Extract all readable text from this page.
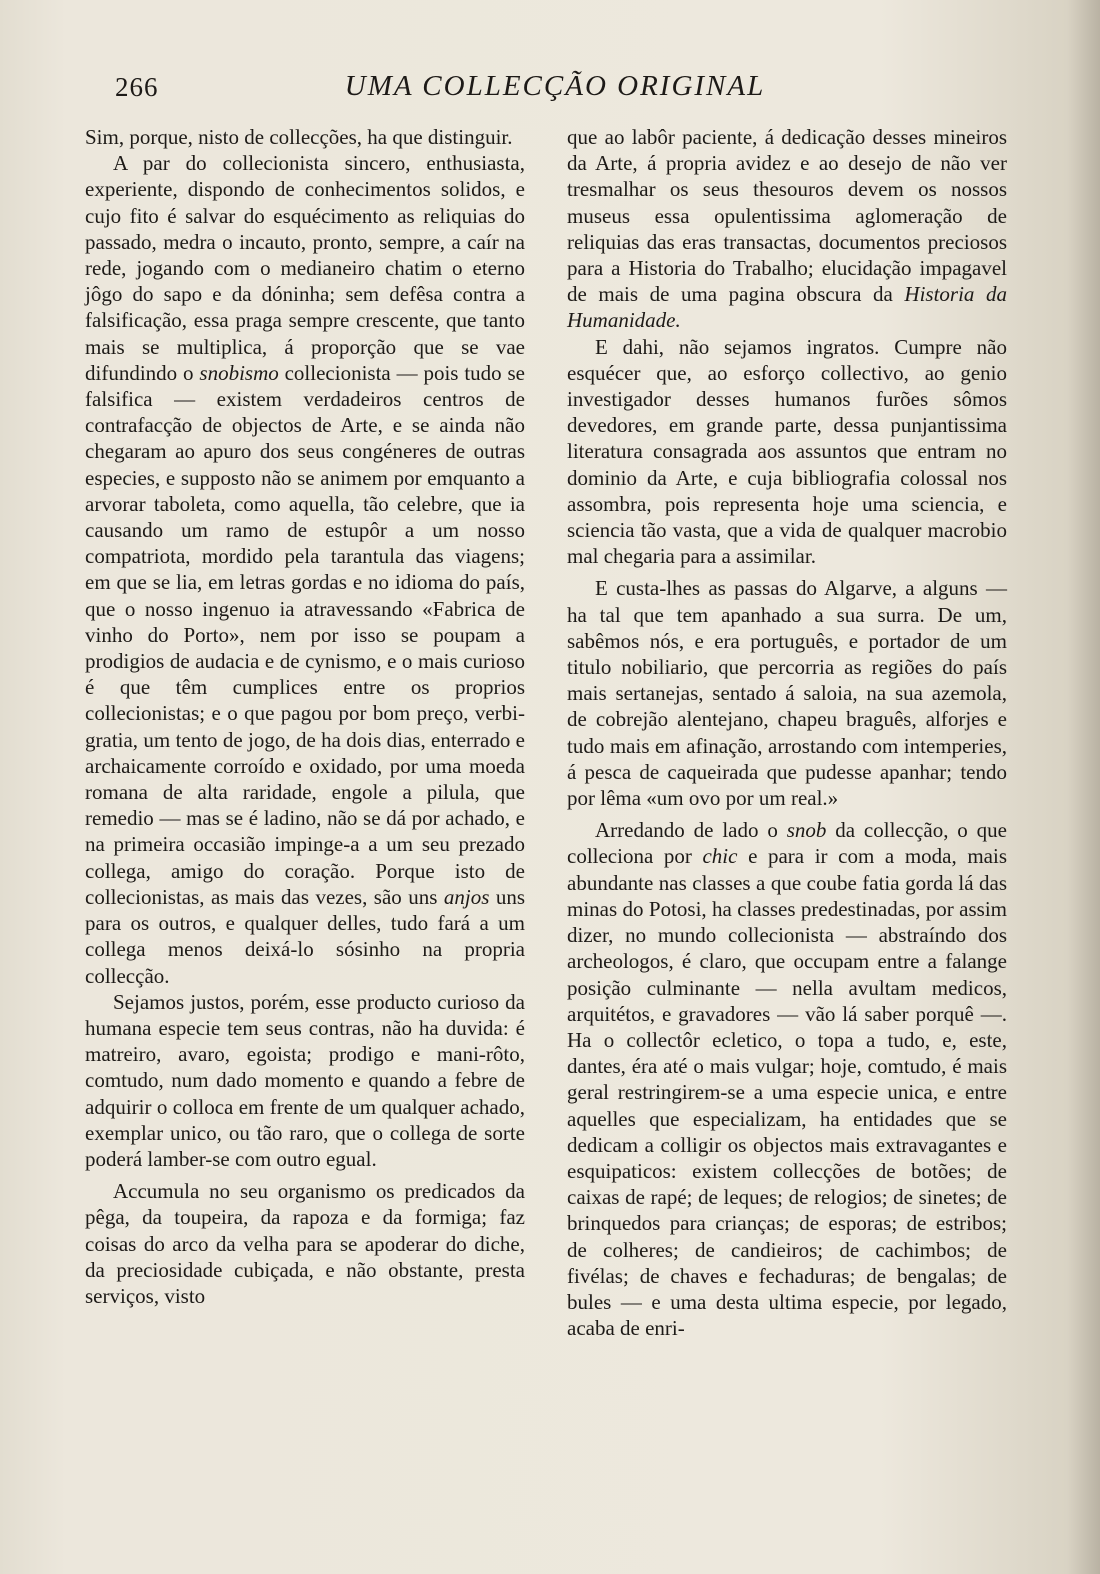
266	UMA COLLECÇÃO ORIGINAL

Sim, porque, nisto de collecções, ha que distinguir.

A par do collecionista sincero, enthusiasta, experiente, dispondo de conhecimentos solidos, e cujo fito é salvar do esquécimento as reliquias do passado, medra o incauto, pronto, sempre, a caír na rede, jogando com o medianeiro chatim o eterno jôgo do sapo e da dóninha; sem defêsa contra a falsificação, essa praga sempre crescente, que tanto mais se multiplica, á proporção que se vae difundindo o snobismo collecionista — pois tudo se falsifica — existem verdadeiros centros de contrafacção de objectos de Arte, e se ainda não chegaram ao apuro dos seus congéneres de outras especies, e supposto não se animem por emquanto a arvorar taboleta, como aquella, tão celebre, que ia causando um ramo de estupôr a um nosso compatriota, mordido pela tarantula das viagens; em que se lia, em letras gordas e no idioma do país, que o nosso ingenuo ia atravessando «Fabrica de vinho do Porto», nem por isso se poupam a prodigios de audacia e de cynismo, e o mais curioso é que têm cumplices entre os proprios collecionistas; e o que pagou por bom preço, verbi-gratia, um tento de jogo, de ha dois dias, enterrado e archaicamente corroído e oxidado, por uma moeda romana de alta raridade, engole a pilula, que remedio — mas se é ladino, não se dá por achado, e na primeira occasião impinge-a a um seu prezado collega, amigo do coração. Porque isto de collecionistas, as mais das vezes, são uns anjos uns para os outros, e qualquer delles, tudo fará a um collega menos deixá-lo sósinho na propria collecção.

Sejamos justos, porém, esse producto curioso da humana especie tem seus contras, não ha duvida: é matreiro, avaro, egoista; prodigo e mani-rôto, comtudo, num dado momento e quando a febre de adquirir o colloca em frente de um qualquer achado, exemplar unico, ou tão raro, que o collega de sorte poderá lamber-se com outro egual.

Accumula no seu organismo os predicados da pêga, da toupeira, da rapoza e da formiga; faz coisas do arco da velha para se apoderar do diche, da preciosidade cubiçada, e não obstante, presta serviços, visto

que ao labôr paciente, á dedicação desses mineiros da Arte, á propria avidez e ao desejo de não ver tresmalhar os seus thesouros devem os nossos museus essa opulentissima aglomeração de reliquias das eras transactas, documentos preciosos para a Historia do Trabalho; elucidação impagavel de mais de uma pagina obscura da Historia da Humanidade.

E dahi, não sejamos ingratos. Cumpre não esquécer que, ao esforço collectivo, ao genio investigador desses humanos furões sômos devedores, em grande parte, dessa punjantissima literatura consagrada aos assuntos que entram no dominio da Arte, e cuja bibliografia colossal nos assombra, pois representa hoje uma sciencia, e sciencia tão vasta, que a vida de qualquer macrobio mal chegaria para a assimilar.

E custa-lhes as passas do Algarve, a alguns — ha tal que tem apanhado a sua surra. De um, sabêmos nós, e era português, e portador de um titulo nobiliario, que percorria as regiões do país mais sertanejas, sentado á saloia, na sua azemola, de cobrejão alentejano, chapeu braguês, alforjes e tudo mais em afinação, arrostando com intemperies, á pesca de caqueirada que pudesse apanhar; tendo por lêma «um ovo por um real.»

Arredando de lado o snob da collecção, o que colleciona por chic e para ir com a moda, mais abundante nas classes a que coube fatia gorda lá das minas do Potosi, ha classes predestinadas, por assim dizer, no mundo collecionista — abstraíndo dos archeologos, é claro, que occupam entre a falange posição culminante — nella avultam medicos, arquitétos, e gravadores — vão lá saber porquê —. Ha o collectôr ecletico, o topa a tudo, e, este, dantes, éra até o mais vulgar; hoje, comtudo, é mais geral restringirem-se a uma especie unica, e entre aquelles que especializam, ha entidades que se dedicam a colligir os objectos mais extravagantes e esquipaticos: existem collecções de botões; de caixas de rapé; de leques; de relogios; de sinetes; de brinquedos para crianças; de esporas; de estribos; de colheres; de candieiros; de cachimbos; de fivélas; de chaves e fechaduras; de bengalas; de bules — e uma desta ultima especie, por legado, acaba de enri-
